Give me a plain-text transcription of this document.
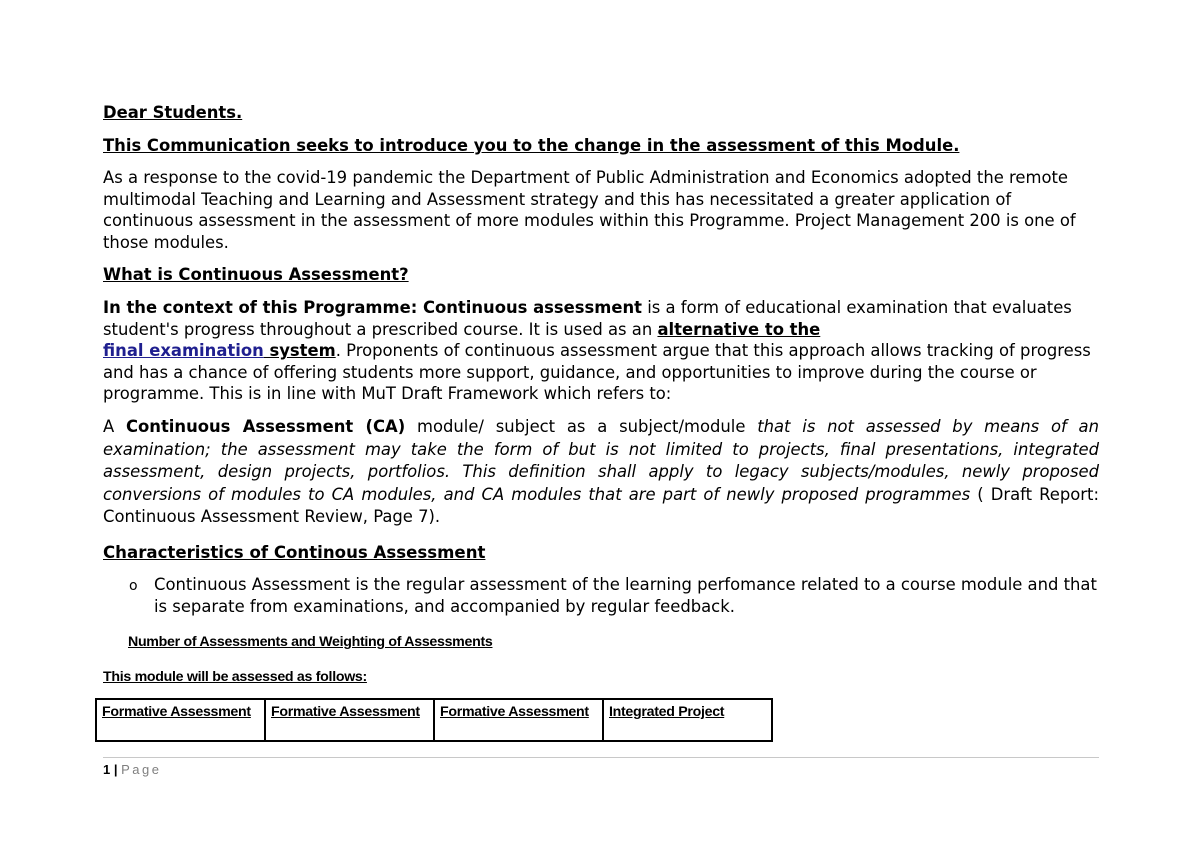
Dear Students.

This Communication seeks to introduce you to the change in the assessment of this Module.

As a response to the covid-19 pandemic the Department of Public Administration and Economics adopted the remote multimodal Teaching and Learning and Assessment strategy and this has necessitated a greater application of continuous assessment in the assessment of more modules within this Programme. Project Management 200 is one of those modules.

What is Continuous Assessment?

In the context of this Programme: Continuous assessment is a form of educational examination that evaluates student's progress throughout a prescribed course. It is used as an alternative to the
final examination system. Proponents of continuous assessment argue that this approach allows tracking of progress and has a chance of offering students more support, guidance, and opportunities to improve during the course or programme. This is in line with MuT Draft Framework which refers to:

A Continuous Assessment (CA) module/ subject as a subject/module that is not assessed by means of an examination; the assessment may take the form of but is not limited to projects, final presentations, integrated assessment, design projects, portfolios. This definition shall apply to legacy subjects/modules, newly proposed conversions of modules to CA modules, and CA modules that are part of newly proposed programmes ( Draft Report: Continuous Assessment Review, Page 7).

Characteristics of Continous Assessment

o Continuous Assessment is the regular assessment of the learning perfomance related to a course module and that is separate from examinations, and accompanied by regular feedback.

Number of Assessments and Weighting of Assessments

This module will be assessed as follows:

Formative Assessment	Formative Assessment	Formative Assessment	Integrated Project
1 | Page
